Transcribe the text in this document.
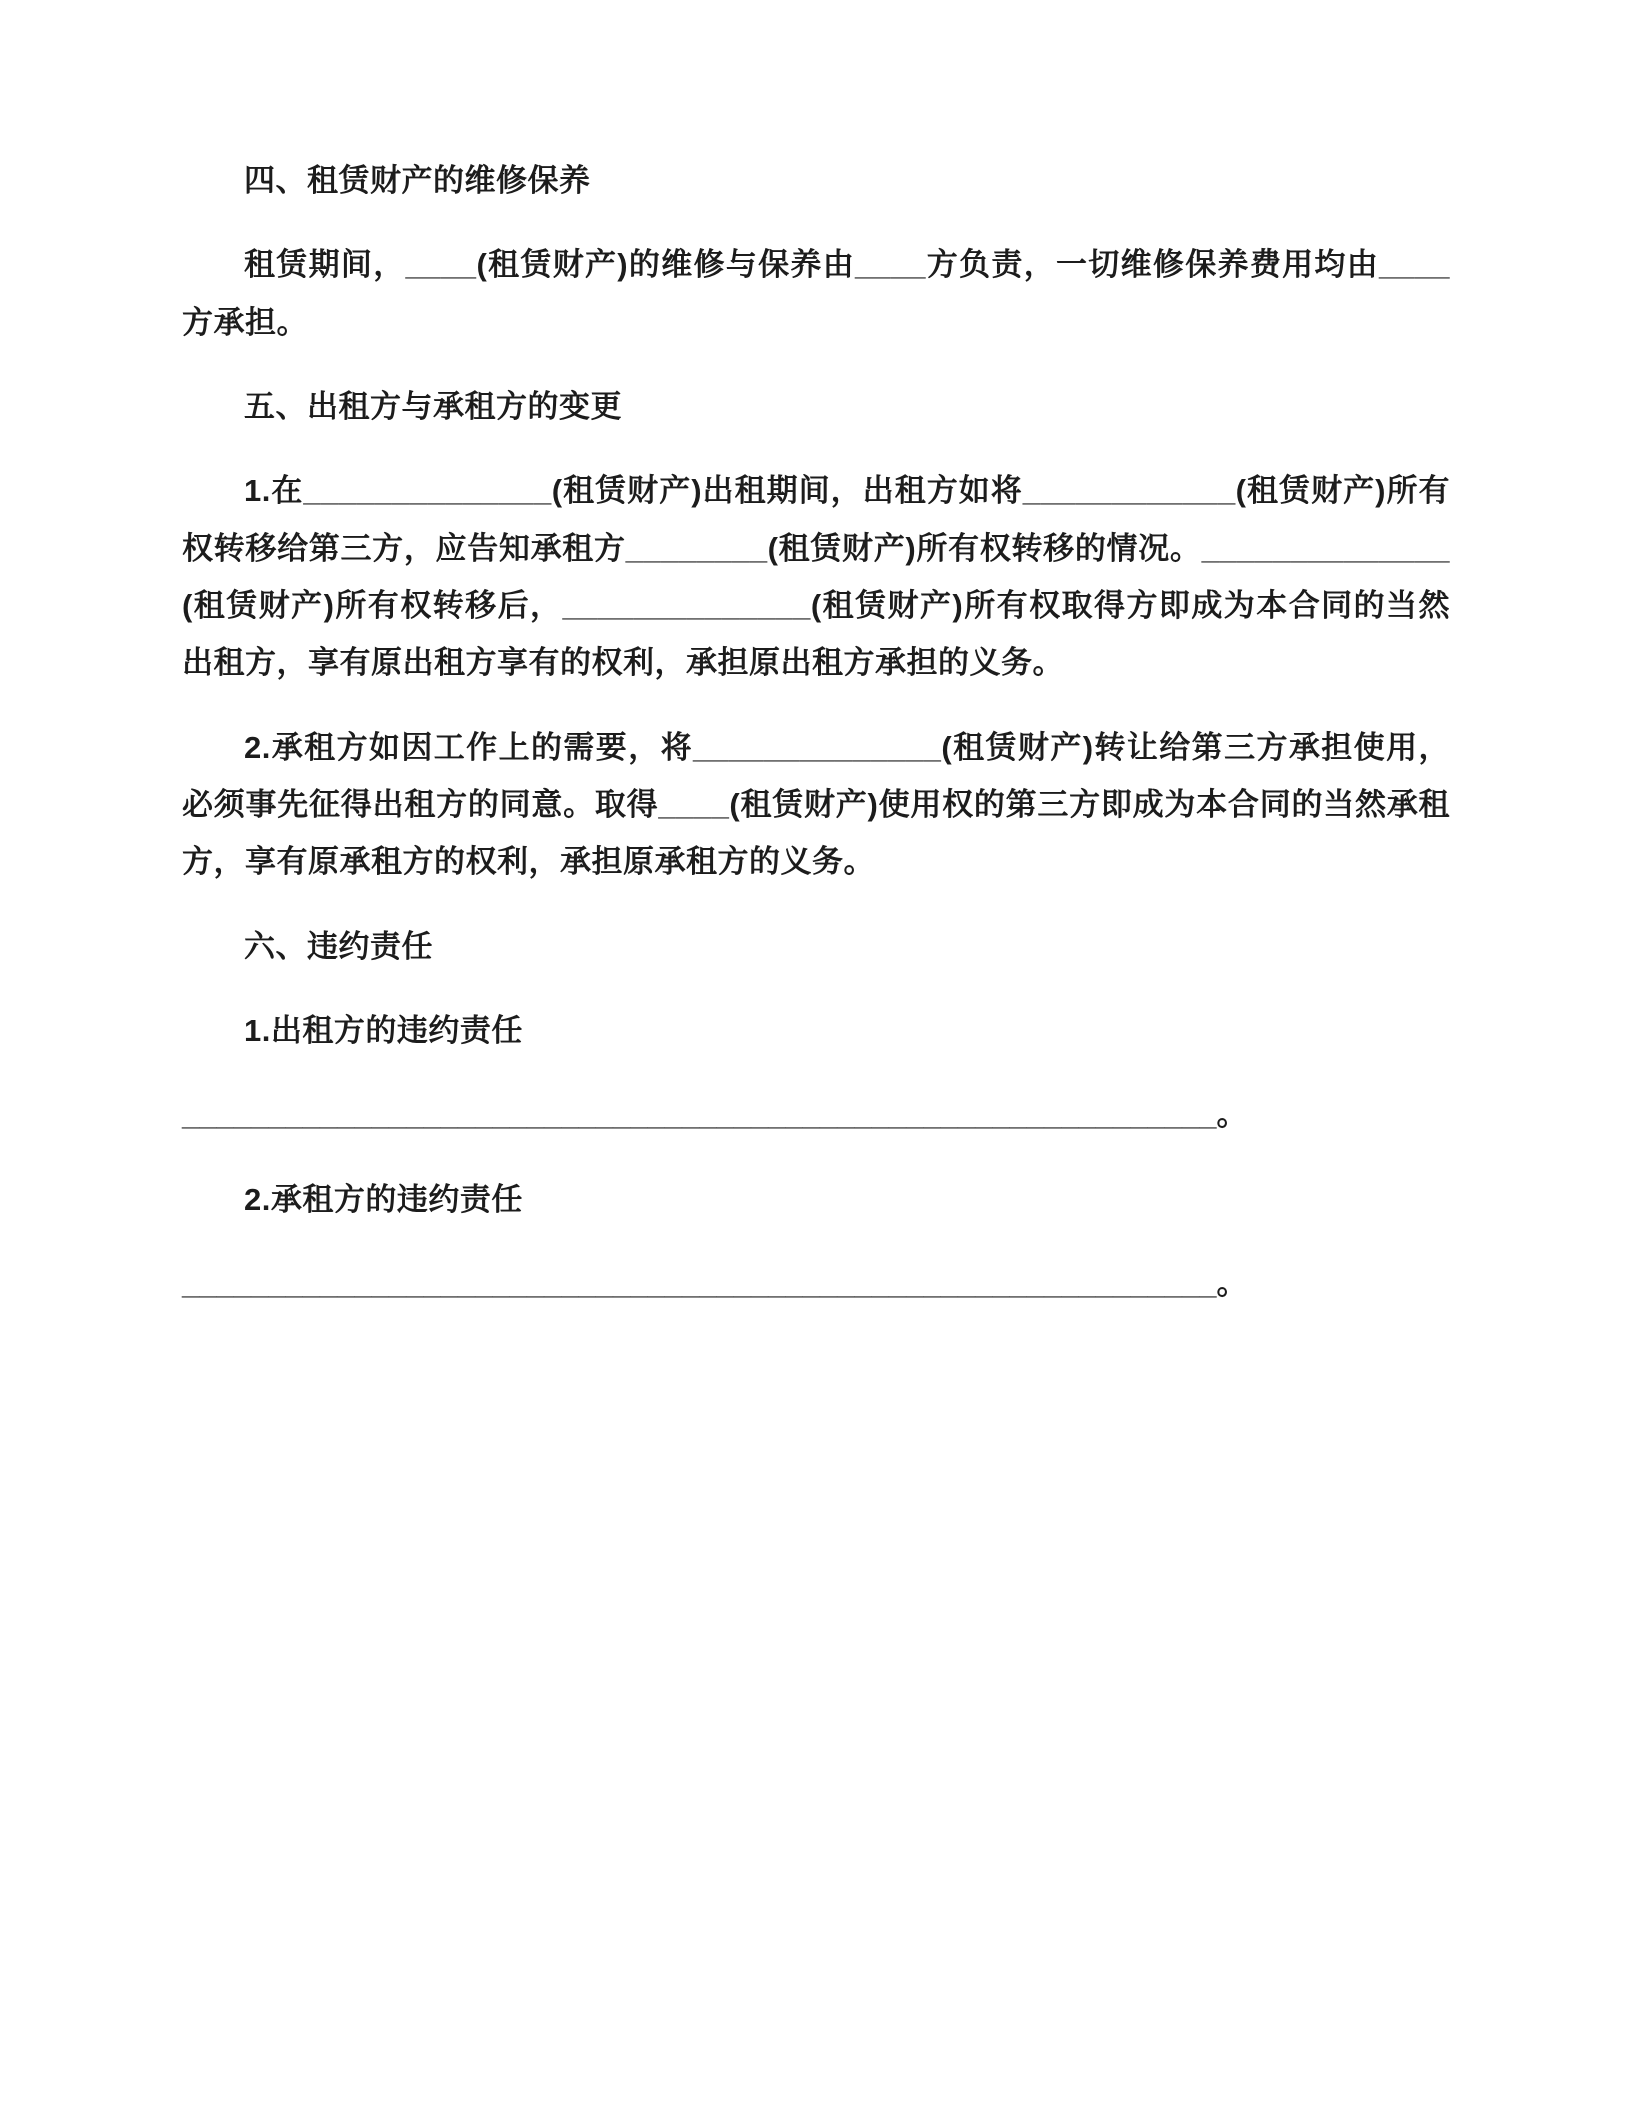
四、租赁财产的维修保养

租赁期间，____(租赁财产)的维修与保养由____方负责，一切维修保养费用均由____方承担。

五、出租方与承租方的变更

1.在______________(租赁财产)出租期间，出租方如将____________(租赁财产)所有权转移给第三方，应告知承租方________(租赁财产)所有权转移的情况。______________(租赁财产)所有权转移后，______________(租赁财产)所有权取得方即成为本合同的当然出租方，享有原出租方享有的权利，承担原出租方承担的义务。

2.承租方如因工作上的需要，将______________(租赁财产)转让给第三方承担使用，必须事先征得出租方的同意。取得____(租赁财产)使用权的第三方即成为本合同的当然承租方，享有原承租方的权利，承担原承租方的义务。

六、违约责任

1.出租方的违约责任

____________________________________________________________。

2.承租方的违约责任

____________________________________________________________。
